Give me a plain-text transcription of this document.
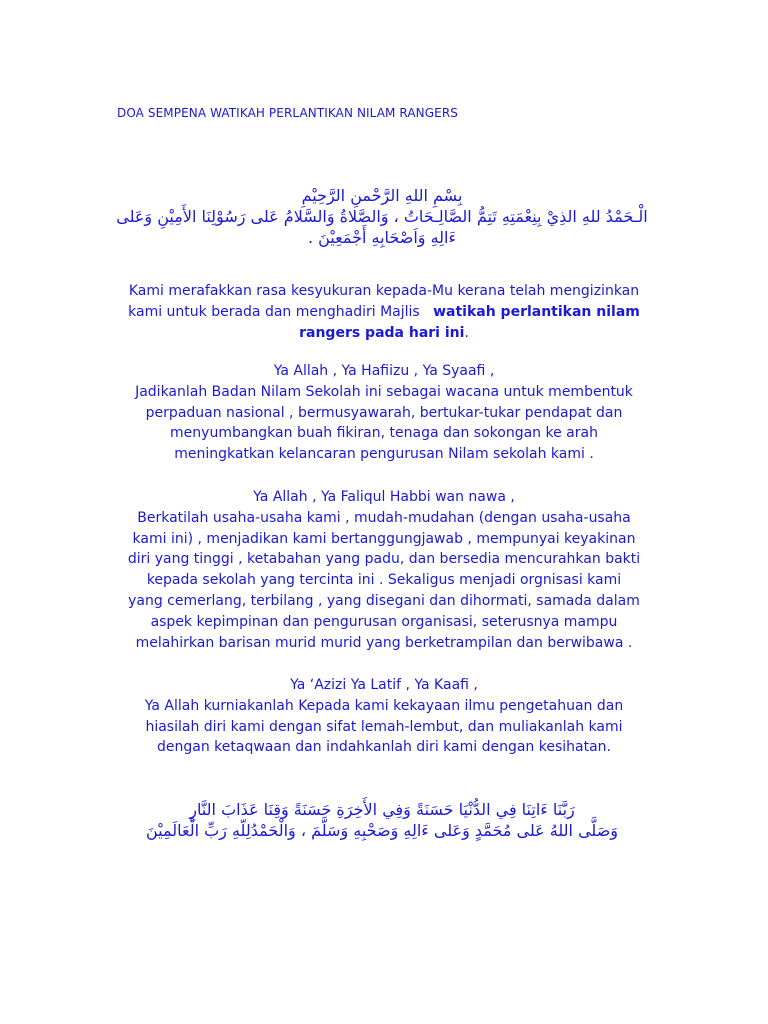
DOA SEMPENA WATIKAH PERLANTIKAN NILAM RANGERS
بِسْمِ اللهِ الرَّحْمنِ الرَّحِيْمِ
الْـحَمْدُ للهِ الذِيْ بِنِعْمَتِهِ تَتِمُّ الصَّالِـحَاتُ ، وَالصَّلاةُ وَالسَّلامُ عَلى رَسُوْلِنَا الأَمِيْنِ وَعَلى
ءَالِهِ وَاَصْحَابِهِ أَجْمَعِيْنَ .
Kami merafakkan rasa kesyukuran kepada-Mu kerana telah mengizinkan
kami untuk berada dan menghadiri Majlis watikah perlantikan nilam
rangers pada hari ini.
Ya Allah , Ya Hafiizu , Ya Syaafi ,
Jadikanlah Badan Nilam Sekolah ini sebagai wacana untuk membentuk
perpaduan nasional , bermusyawarah, bertukar-tukar pendapat dan
menyumbangkan buah fikiran, tenaga dan sokongan ke arah
meningkatkan kelancaran pengurusan Nilam sekolah kami .
Ya Allah , Ya Faliqul Habbi wan nawa ,
Berkatilah usaha-usaha kami , mudah-mudahan (dengan usaha-usaha
kami ini) , menjadikan kami bertanggungjawab , mempunyai keyakinan
diri yang tinggi , ketabahan yang padu, dan bersedia mencurahkan bakti
kepada sekolah yang tercinta ini . Sekaligus menjadi orgnisasi kami
yang cemerlang, terbilang , yang disegani dan dihormati, samada dalam
aspek kepimpinan dan pengurusan organisasi, seterusnya mampu
melahirkan barisan murid murid yang berketrampilan dan berwibawa .
Ya ‘Azizi Ya Latif , Ya Kaafi ,
Ya Allah kurniakanlah Kepada kami kekayaan ilmu pengetahuan dan
hiasilah diri kami dengan sifat lemah-lembut, dan muliakanlah kami
dengan ketaqwaan dan indahkanlah diri kami dengan kesihatan.
رَبَّنَا ءَاتِنَا فِي الدُّنْيَا حَسَنَةً وَفِي الأَخِرَةِ حَسَنَةً وَقِنَا عَذَابَ النَّارِ
وَصَلَّى اللهُ عَلى مُحَمَّدٍ وَعَلى ءَالِهِ وَصَحْبِهِ وَسَلَّمَ ، وَالْحَمْدُلِلّهِ رَبِّ الْعَالَمِيْنَ
